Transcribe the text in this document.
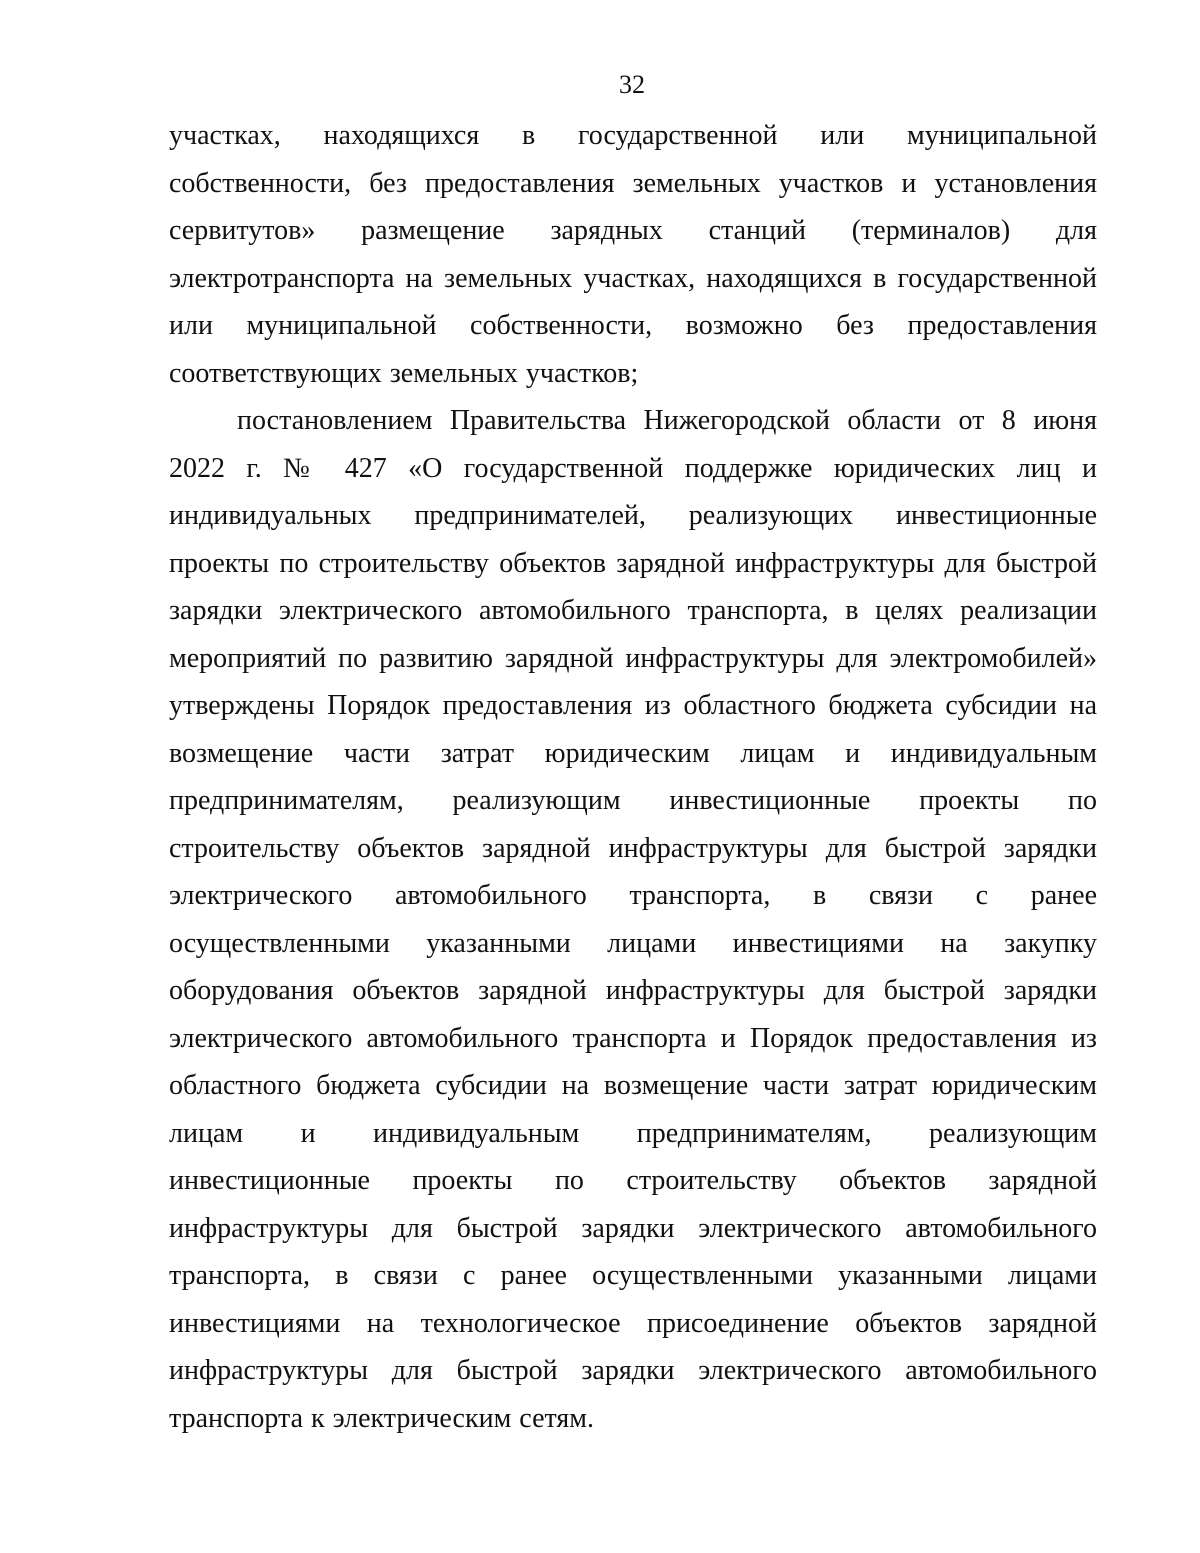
32

участках, находящихся в государственной или муниципальной собственности, без предоставления земельных участков и установления сервитутов» размещение зарядных станций (терминалов) для электротранспорта на земельных участках, находящихся в государственной или муниципальной собственности, возможно без предоставления соответствующих земельных участков;

постановлением Правительства Нижегородской области от 8 июня 2022 г. № 427 «О государственной поддержке юридических лиц и индивидуальных предпринимателей, реализующих инвестиционные проекты по строительству объектов зарядной инфраструктуры для быстрой зарядки электрического автомобильного транспорта, в целях реализации мероприятий по развитию зарядной инфраструктуры для электромобилей» утверждены Порядок предоставления из областного бюджета субсидии на возмещение части затрат юридическим лицам и индивидуальным предпринимателям, реализующим инвестиционные проекты по строительству объектов зарядной инфраструктуры для быстрой зарядки электрического автомобильного транспорта, в связи с ранее осуществленными указанными лицами инвестициями на закупку оборудования объектов зарядной инфраструктуры для быстрой зарядки электрического автомобильного транспорта и Порядок предоставления из областного бюджета субсидии на возмещение части затрат юридическим лицам и индивидуальным предпринимателям, реализующим инвестиционные проекты по строительству объектов зарядной инфраструктуры для быстрой зарядки электрического автомобильного транспорта, в связи с ранее осуществленными указанными лицами инвестициями на технологическое присоединение объектов зарядной инфраструктуры для быстрой зарядки электрического автомобильного транспорта к электрическим сетям.
